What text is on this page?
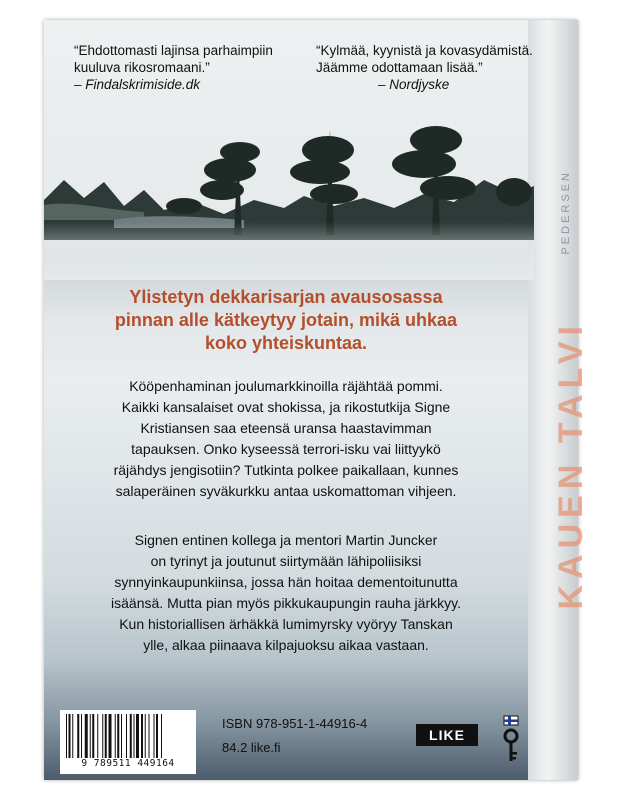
PEDERSEN
KAUEN TALVI
“Ehdottomasti lajinsa parhaimpiin kuuluva rikosromaani.”
– Findalskrimiside.dk
“Kylmää, kyynistä ja kovasydämistä. Jäämme odottamaan lisää.”
– Nordjyske
Ylistetyn dekkarisarjan avausosassa
pinnan alle kätkeytyy jotain, mikä uhkaa
koko yhteiskuntaa.
Kööpenhaminan joulumarkkinoilla räjähtää pommi.
Kaikki kansalaiset ovat shokissa, ja rikostutkija Signe
Kristiansen saa eteensä uransa haastavimman
tapauksen. Onko kyseessä terrori-isku vai liittyykö
räjähdys jengisotiin? Tutkinta polkee paikallaan, kunnes
salaperäinen syväkurkku antaa uskomattoman vihjeen.
Signen entinen kollega ja mentori Martin Juncker
on tyrinyt ja joutunut siirtymään lähipoliisiksi
synnyinkaupunkiinsa, jossa hän hoitaa dementoitunutta
isäänsä. Mutta pian myös pikkukaupungin rauha järkkyy.
Kun historiallisen ärhäkkä lumimyrsky vyöryy Tanskan
ylle, alkaa piinaava kilpajuoksu aikaa vastaan.
9 789511 449164
ISBN 978-951-1-44916-4
84.2 like.fi
LIKE
